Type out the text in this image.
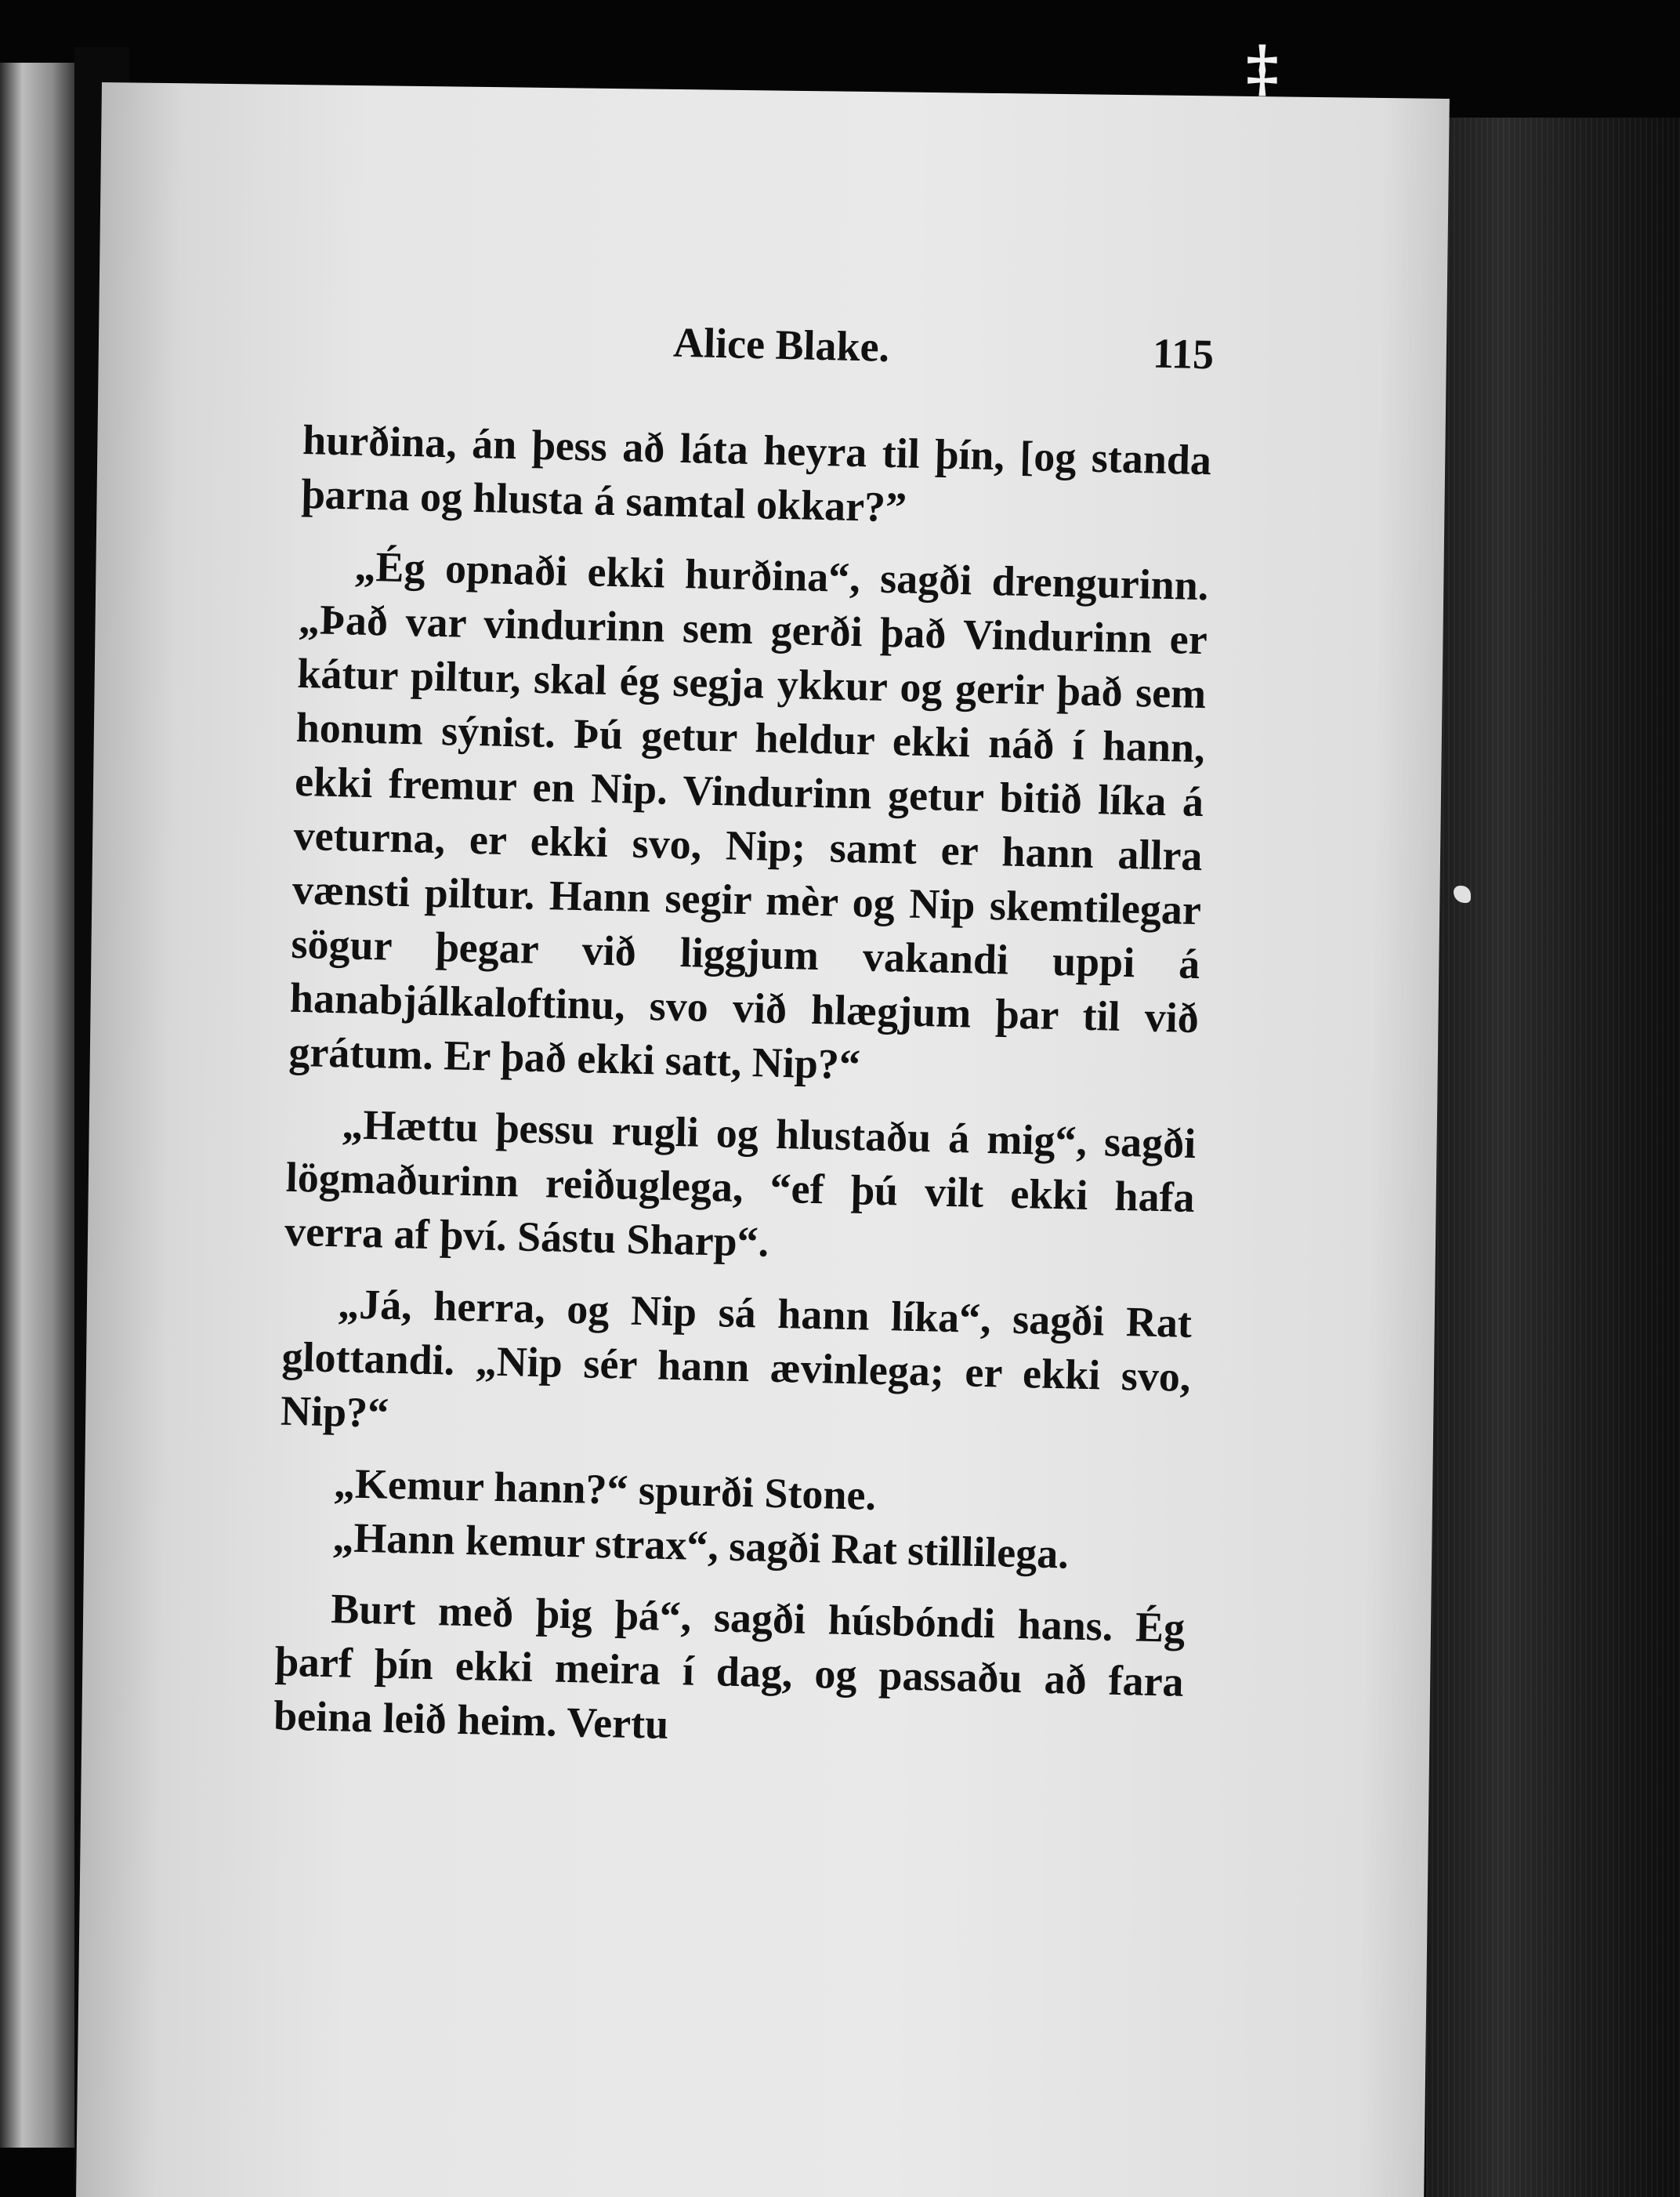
‡
Alice Blake.	115

hurðina, án þess að láta heyra til þín, [og standa þarna og hlusta á samtal okkar?”

„Ég opnaði ekki hurðina“, sagði drengurinn. „Það var vindurinn sem gerði það Vindurinn er kátur piltur, skal ég segja ykkur og gerir það sem honum sýnist. Þú getur heldur ekki náð í hann, ekki fremur en Nip. Vindurinn getur bitið líka á veturna, er ekki svo, Nip; samt er hann allra vænsti piltur. Hann segir mèr og Nip skemtilegar sögur þegar við liggjum vakandi uppi á hanabjálkaloftinu, svo við hlægjum þar til við grátum. Er það ekki satt, Nip?“

„Hættu þessu rugli og hlustaðu á mig“, sagði lögmaðurinn reiðuglega, “ef þú vilt ekki hafa verra af því. Sástu Sharp“.

„Já, herra, og Nip sá hann líka“, sagði Rat glottandi. „Nip sér hann ævinlega; er ekki svo, Nip?“

„Kemur hann?“ spurði Stone.

„Hann kemur strax“, sagði Rat stillilega.

Burt með þig þá“, sagði húsbóndi hans. Ég þarf þín ekki meira í dag, og passaðu að fara beina leið heim. Vertu
